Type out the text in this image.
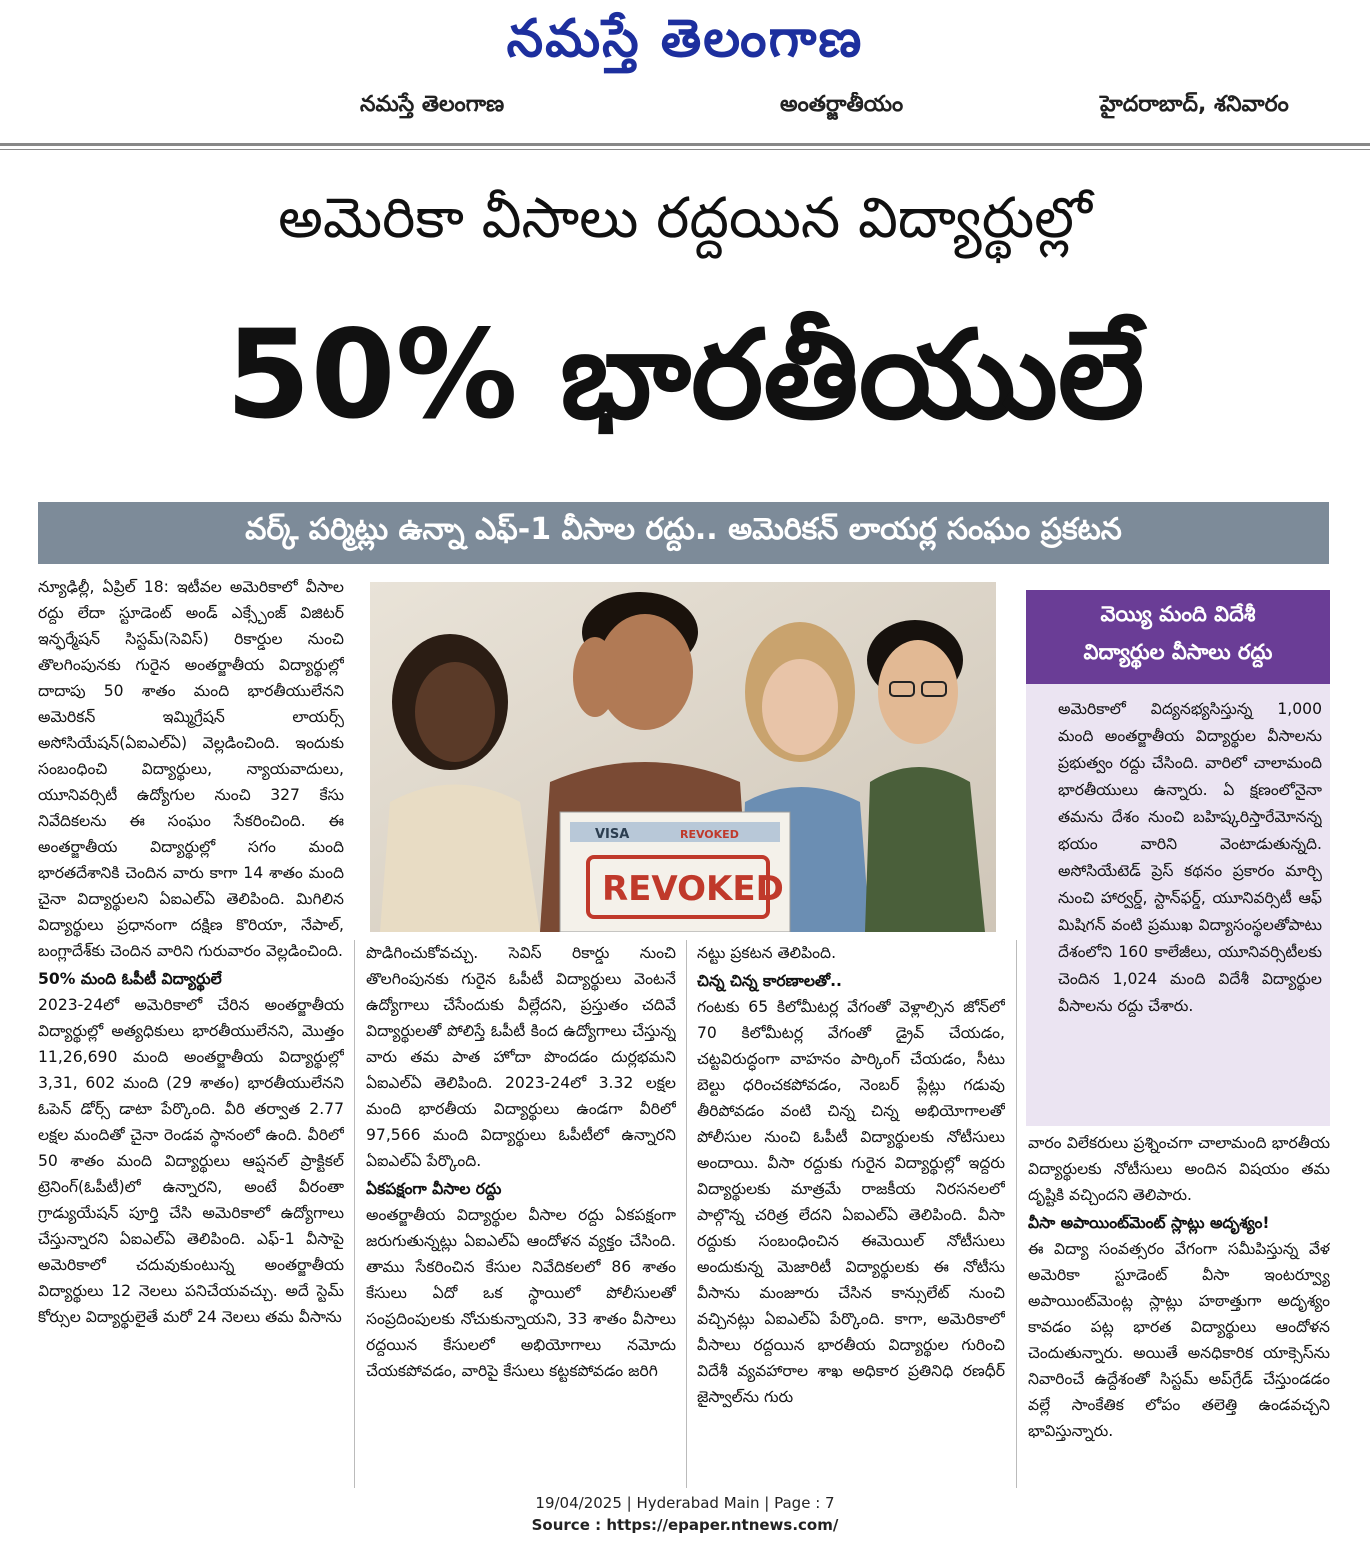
నమస్తే తెలంగాణ
నమస్తే తెలంగాణ	అంతర్జాతీయం	హైదరాబాద్, శనివారం
అమెరికా వీసాలు రద్దయిన విద్యార్థుల్లో
50% భారతీయులే
వర్క్ పర్మిట్లు ఉన్నా ఎఫ్-1 వీసాల రద్దు.. అమెరికన్ లాయర్ల సంఘం ప్రకటన

న్యూఢిల్లీ, ఏప్రిల్ 18: ఇటీవల అమెరికాలో వీసాల రద్దు లేదా స్టూడెంట్ అండ్ ఎక్స్చేంజ్ విజిటర్ ఇన్ఫర్మేషన్ సిస్టమ్(సెవిస్) రికార్డుల నుంచి తొలగింపునకు గురైన అంతర్జాతీయ విద్యార్థుల్లో దాదాపు 50 శాతం మంది భారతీయులేనని అమెరికన్ ఇమ్మిగ్రేషన్ లాయర్స్ అసోసియేషన్(ఏఐఎల్ఏ) వెల్లడించింది. ఇందుకు సంబంధించి విద్యార్థులు, న్యాయవాదులు, యూనివర్సిటీ ఉద్యోగుల నుంచి 327 కేసు నివేదికలను ఈ సంఘం సేకరించింది. ఈ అంతర్జాతీయ విద్యార్థుల్లో సగం మంది భారతదేశానికి చెందిన వారు కాగా 14 శాతం మంది చైనా విద్యార్థులని ఏఐఎల్ఏ తెలిపింది. మిగిలిన విద్యార్థులు ప్రధానంగా దక్షిణ కొరియా, నేపాల్, బంగ్లాదేశ్‌కు చెందిన వారిని గురువారం వెల్లడించింది.

50% మంది ఓపీటీ విద్యార్థులే

2023-24లో అమెరికాలో చేరిన అంతర్జాతీయ విద్యార్థుల్లో అత్యధికులు భారతీయులేనని, మొత్తం 11,26,690 మంది అంతర్జాతీయ విద్యార్థుల్లో 3,31, 602 మంది (29 శాతం) భారతీయులేనని ఓపెన్ డోర్స్ డాటా పేర్కొంది. వీరి తర్వాత 2.77 లక్షల మందితో చైనా రెండవ స్థానంలో ఉంది. వీరిలో 50 శాతం మంది విద్యార్థులు ఆప్షనల్ ప్రాక్టికల్ ట్రెనింగ్(ఓపీటీ)లో ఉన్నారని, అంటే వీరంతా గ్రాడ్యుయేషన్ పూర్తి చేసి అమెరికాలో ఉద్యోగాలు చేస్తున్నారని ఏఐఎల్ఏ తెలిపింది. ఎఫ్-1 వీసాపై అమెరికాలో చదువుకుంటున్న అంతర్జాతీయ విద్యార్థులు 12 నెలలు పనిచేయవచ్చు. అదే స్టెమ్ కోర్సుల విద్యార్థులైతే మరో 24 నెలలు తమ వీసాను

VISA	REVOKED
REVOKED
వెయ్యి మంది విదేశీ
విద్యార్థుల వీసాలు రద్దు
అమెరికాలో విద్యనభ్యసిస్తున్న 1,000 మంది అంతర్జాతీయ విద్యార్థుల వీసాలను ప్రభుత్వం రద్దు చేసింది. వారిలో చాలామంది భారతీయులు ఉన్నారు. ఏ క్షణంలోనైనా తమను దేశం నుంచి బహిష్కరిస్తారేమోనన్న భయం వారిని వెంటాడుతున్నది. అసోసియేటెడ్ ప్రెస్ కథనం ప్రకారం మార్చి నుంచి హార్వర్డ్, స్టాన్‌ఫర్డ్, యూనివర్సిటీ ఆఫ్ మిషిగన్ వంటి ప్రముఖ విద్యాసంస్థలతోపాటు దేశంలోని 160 కాలేజీలు, యూనివర్సిటీలకు చెందిన 1,024 మంది విదేశీ విద్యార్థుల వీసాలను రద్దు చేశారు.

పొడిగించుకోవచ్చు. సెవిస్ రికార్డు నుంచి తొలగింపునకు గురైన ఓపీటీ విద్యార్థులు వెంటనే ఉద్యోగాలు చేసేందుకు వీల్లేదని, ప్రస్తుతం చదివే విద్యార్థులతో పోలిస్తే ఓపీటీ కింద ఉద్యోగాలు చేస్తున్న వారు తమ పాత హోదా పొందడం దుర్లభమని ఏఐఎల్ఏ తెలిపింది. 2023-24లో 3.32 లక్షల మంది భారతీయ విద్యార్థులు ఉండగా వీరిలో 97,566 మంది విద్యార్థులు ఓపీటీలో ఉన్నారని ఏఐఎల్ఏ పేర్కొంది.

ఏకపక్షంగా వీసాల రద్దు

అంతర్జాతీయ విద్యార్థుల వీసాల రద్దు ఏకపక్షంగా జరుగుతున్నట్లు ఏఐఎల్ఏ ఆందోళన వ్యక్తం చేసింది. తాము సేకరించిన కేసుల నివేదికలలో 86 శాతం కేసులు ఏదో ఒక స్థాయిలో పోలీసులతో సంప్రదింపులకు నోచుకున్నాయని, 33 శాతం వీసాలు రద్దయిన కేసులలో అభియోగాలు నమోదు చేయకపోవడం, వారిపై కేసులు కట్టకపోవడం జరిగి

నట్టు ప్రకటన తెలిపింది.

చిన్న చిన్న కారణాలతో..

గంటకు 65 కిలోమీటర్ల వేగంతో వెళ్లాల్సిన జోన్‌లో 70 కిలోమీటర్ల వేగంతో డ్రైవ్ చేయడం, చట్టవిరుద్ధంగా వాహనం పార్కింగ్ చేయడం, సీటు బెల్టు ధరించకపోవడం, నెంబర్ ప్లేట్లు గడువు తీరిపోవడం వంటి చిన్న చిన్న అభియోగాలతో పోలీసుల నుంచి ఓపీటీ విద్యార్థులకు నోటీసులు అందాయి. వీసా రద్దుకు గురైన విద్యార్థుల్లో ఇద్దరు విద్యార్థులకు మాత్రమే రాజకీయ నిరసనలలో పాల్గొన్న చరిత్ర లేదని ఏఐఎల్ఏ తెలిపింది. వీసా రద్దుకు సంబంధించిన ఈమెయిల్ నోటీసులు అందుకున్న మెజారిటీ విద్యార్థులకు ఈ నోటీసు వీసాను మంజూరు చేసిన కాన్సులేట్ నుంచి వచ్చినట్లు ఏఐఎల్ఏ పేర్కొంది. కాగా, అమెరికాలో వీసాలు రద్దయిన భారతీయ విద్యార్థుల గురించి విదేశీ వ్యవహారాల శాఖ అధికార ప్రతినిధి రణధీర్ జైస్వాల్‌ను గురు

వారం విలేకరులు ప్రశ్నించగా చాలామంది భారతీయ విద్యార్థులకు నోటీసులు అందిన విషయం తమ దృష్టికి వచ్చిందని తెలిపారు.

వీసా అపాయింట్‌మెంట్ స్లాట్లు అదృశ్యం!

ఈ విద్యా సంవత్సరం వేగంగా సమీపిస్తున్న వేళ అమెరికా స్టూడెంట్ వీసా ఇంటర్వ్యూ అపాయింట్‌మెంట్ల స్లాట్లు హఠాత్తుగా అదృశ్యం కావడం పట్ల భారత విద్యార్థులు ఆందోళన చెందుతున్నారు. అయితే అనధికారిక యాక్సెస్‌ను నివారించే ఉద్దేశంతో సిస్టమ్ అప్‌గ్రేడ్ చేస్తుండడం వల్లే సాంకేతిక లోపం తలెత్తి ఉండవచ్చని భావిస్తున్నారు.

19/04/2025 | Hyderabad Main | Page : 7
Source : https://epaper.ntnews.com/
